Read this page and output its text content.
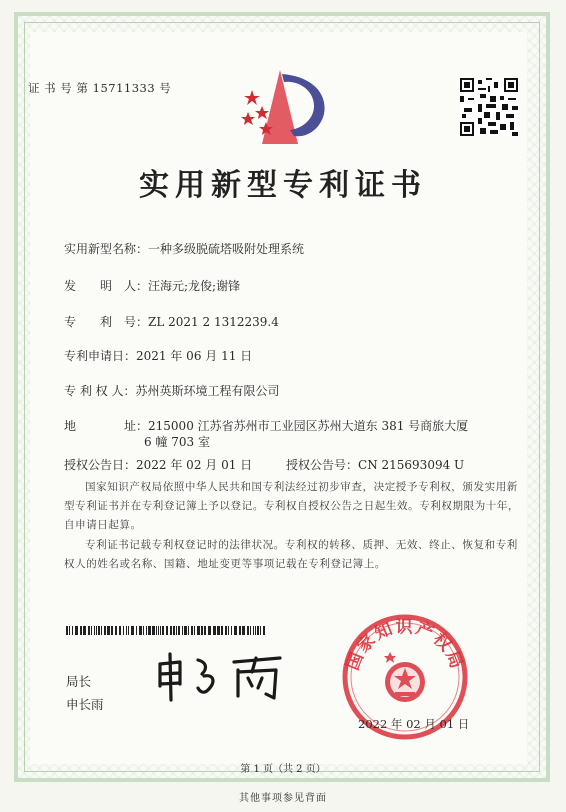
证 书 号 第 15711333 号
实用新型专利证书
实用新型名称：一种多级脱硫塔吸附处理系统
发　　明　人：汪海元;龙俊;谢锋
专　　利　号：ZL 2021 2 1312239.4
专利申请日：2021 年 06 月 11 日
专 利 权 人：苏州英斯环境工程有限公司
地　　　　址：215000 江苏省苏州市工业园区苏州大道东 381 号商旅大厦
6 幢 703 室
授权公告日：2022 年 02 月 01 日	授权公告号：CN 215693094 U
国家知识产权局依照中华人民共和国专利法经过初步审查，决定授予专利权，颁发实用新型专利证书并在专利登记簿上予以登记。专利权自授权公告之日起生效。专利权期限为十年，自申请日起算。
专利证书记载专利权登记时的法律状况。专利权的转移、质押、无效、终止、恢复和专利权人的姓名或名称、国籍、地址变更等事项记载在专利登记簿上。
局长
申长雨
国家知识产权局
2022 年 02 月 01 日
第 1 页（共 2 页）
其他事项参见背面
